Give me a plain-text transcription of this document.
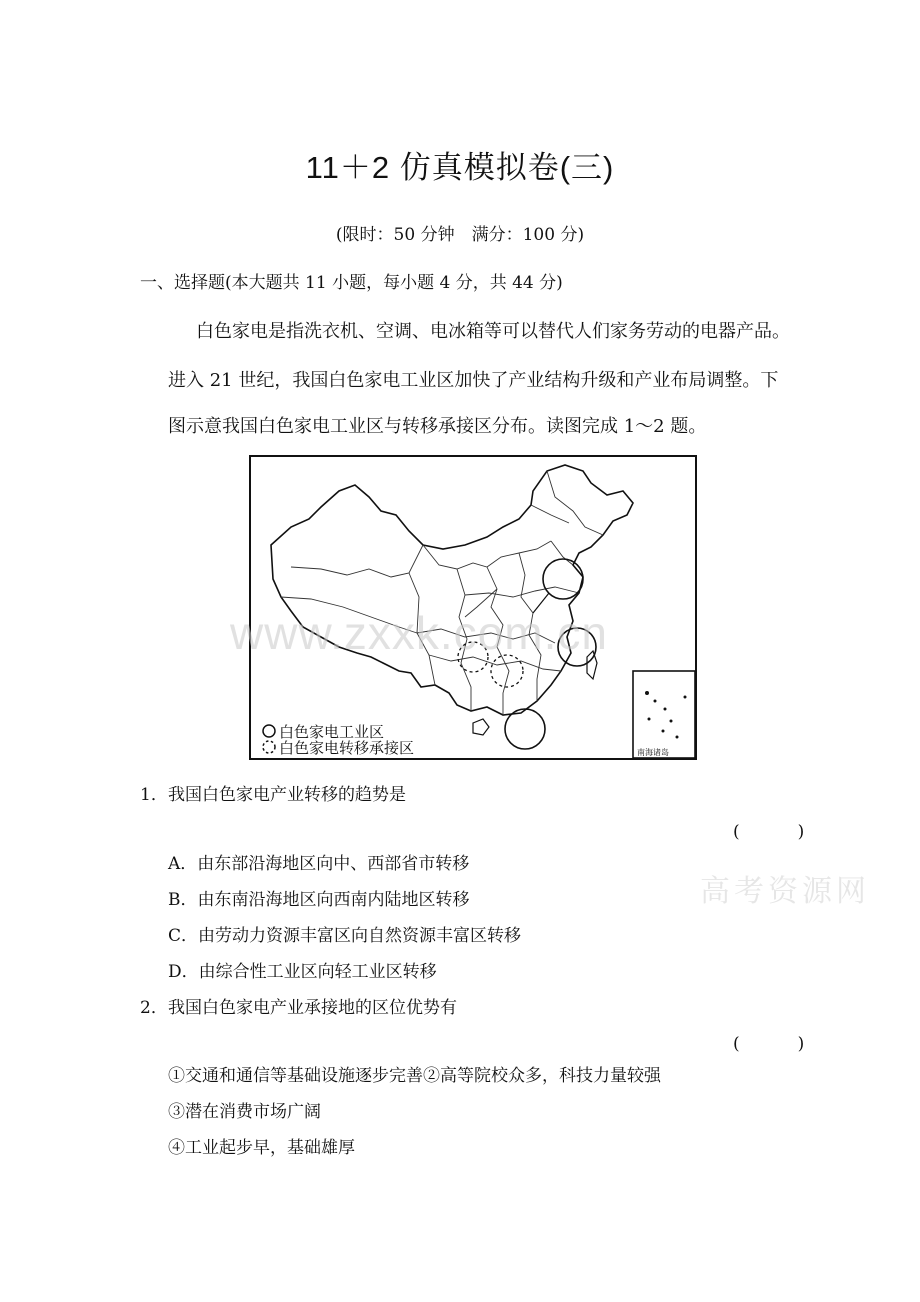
11＋2 仿真模拟卷(三)
(限时：50 分钟　满分：100 分)
一、选择题(本大题共 11 小题，每小题 4 分，共 44 分)
白色家电是指洗衣机、空调、电冰箱等可以替代人们家务劳动的电器产品。
进入 21 世纪，我国白色家电工业区加快了产业结构升级和产业布局调整。下
图示意我国白色家电工业区与转移承接区分布。读图完成 1～2 题。
白色家电工业区
白色家电转移承接区	南海诸岛
www.zxxk.com.cn
高考资源网
1． 我国白色家电产业转移的趋势是
(　　)
A．由东部沿海地区向中、西部省市转移
B．由东南沿海地区向西南内陆地区转移
C．由劳动力资源丰富区向自然资源丰富区转移
D．由综合性工业区向轻工业区转移
2． 我国白色家电产业承接地的区位优势有
(　　)
①交通和通信等基础设施逐步完善②高等院校众多，科技力量较强
③潜在消费市场广阔
④工业起步早，基础雄厚
